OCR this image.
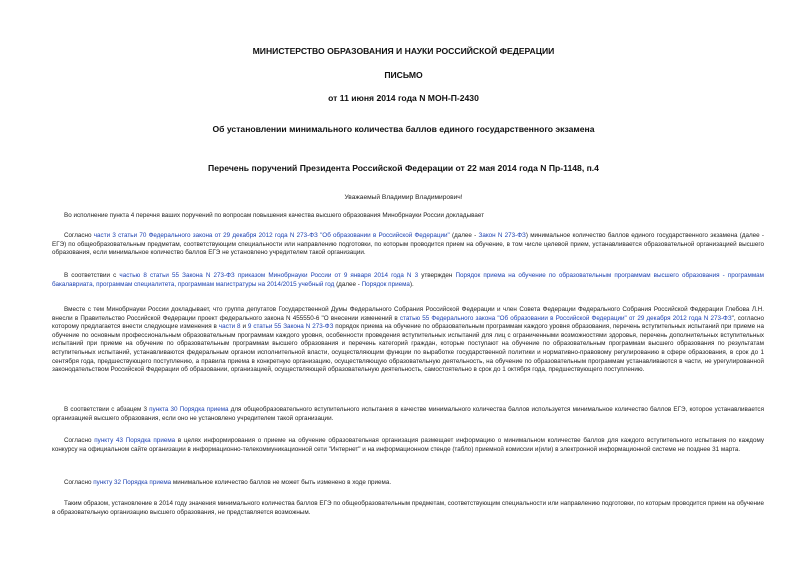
МИНИСТЕРСТВО ОБРАЗОВАНИЯ И НАУКИ РОССИЙСКОЙ ФЕДЕРАЦИИ

ПИСЬМО

от 11 июня 2014 года N МОН-П-2430

Об установлении минимального количества баллов единого государственного экзамена

Перечень поручений Президента Российской Федерации от 22 мая 2014 года N Пр-1148, п.4

Уважаемый Владимир Владимирович!

Во исполнение пункта 4 перечня ваших поручений по вопросам повышения качества высшего образования Минобрнауки России докладывает

Согласно части 3 статьи 70 Федерального закона от 29 декабря 2012 года N 273-ФЗ "Об образовании в Российской Федерации" (далее - Закон N 273-ФЗ) минимальное количество баллов единого государственного экзамена (далее - ЕГЭ) по общеобразовательным предметам, соответствующим специальности или направлению подготовки, по которым проводится прием на обучение, в том числе целевой прием, устанавливается образовательной организацией высшего образования, если минимальное количество баллов ЕГЭ не установлено учредителем такой организации.

В соответствии с частью 8 статьи 55 Закона N 273-ФЗ приказом Минобрнауки России от 9 января 2014 года N 3 утвержден Порядок приема на обучение по образовательным программам высшего образования - программам бакалавриата, программам специалитета, программам магистратуры на 2014/2015 учебный год (далее - Порядок приема).

Вместе с тем Минобрнауки России докладывает, что группа депутатов Государственной Думы Федерального Собрания Российской Федерации и член Совета Федерации Федерального Собрания Российской Федерации Глебова Л.Н. внесли в Правительство Российской Федерации проект федерального закона N 455550-6 "О внесении изменений в статью 55 Федерального закона "Об образовании в Российской Федерации" от 29 декабря 2012 года N 273-ФЗ", согласно которому предлагается внести следующие изменения в части 8 и 9 статьи 55 Закона N 273-ФЗ порядок приема на обучение по образовательным программам каждого уровня образования, перечень вступительных испытаний при приеме на обучение по основным профессиональным образовательным программам каждого уровня, особенности проведения вступительных испытаний для лиц с ограниченными возможностями здоровья, перечень дополнительных вступительных испытаний при приеме на обучение по образовательным программам высшего образования и перечень категорий граждан, которые поступают на обучение по образовательным программам высшего образования по результатам вступительных испытаний, устанавливаются федеральным органом исполнительной власти, осуществляющим функции по выработке государственной политики и нормативно-правовому регулированию в сфере образования, в срок до 1 сентября года, предшествующего поступлению, а правила приема в конкретную организацию, осуществляющую образовательную деятельность, на обучение по образовательным программам устанавливаются в части, не урегулированной законодательством Российской Федерации об образовании, организацией, осуществляющей образовательную деятельность, самостоятельно в срок до 1 октября года, предшествующего поступлению.

В соответствии с абзацем 3 пункта 30 Порядка приема для общеобразовательного вступительного испытания в качестве минимального количества баллов используется минимальное количество баллов ЕГЭ, которое устанавливается организацией высшего образования, если оно не установлено учредителем такой организации.

Согласно пункту 43 Порядка приема в целях информирования о приеме на обучение образовательная организация размещает информацию о минимальном количестве баллов для каждого вступительного испытания по каждому конкурсу на официальном сайте организации в информационно-телекоммуникационной сети "Интернет" и на информационном стенде (табло) приемной комиссии и(или) в электронной информационной системе не позднее 31 марта.

Согласно пункту 32 Порядка приема минимальное количество баллов не может быть изменено в ходе приема.

Таким образом, установление в 2014 году значения минимального количества баллов ЕГЭ по общеобразовательным предметам, соответствующим специальности или направлению подготовки, по которым проводится прием на обучение в образовательную организацию высшего образования, не представляется возможным.
